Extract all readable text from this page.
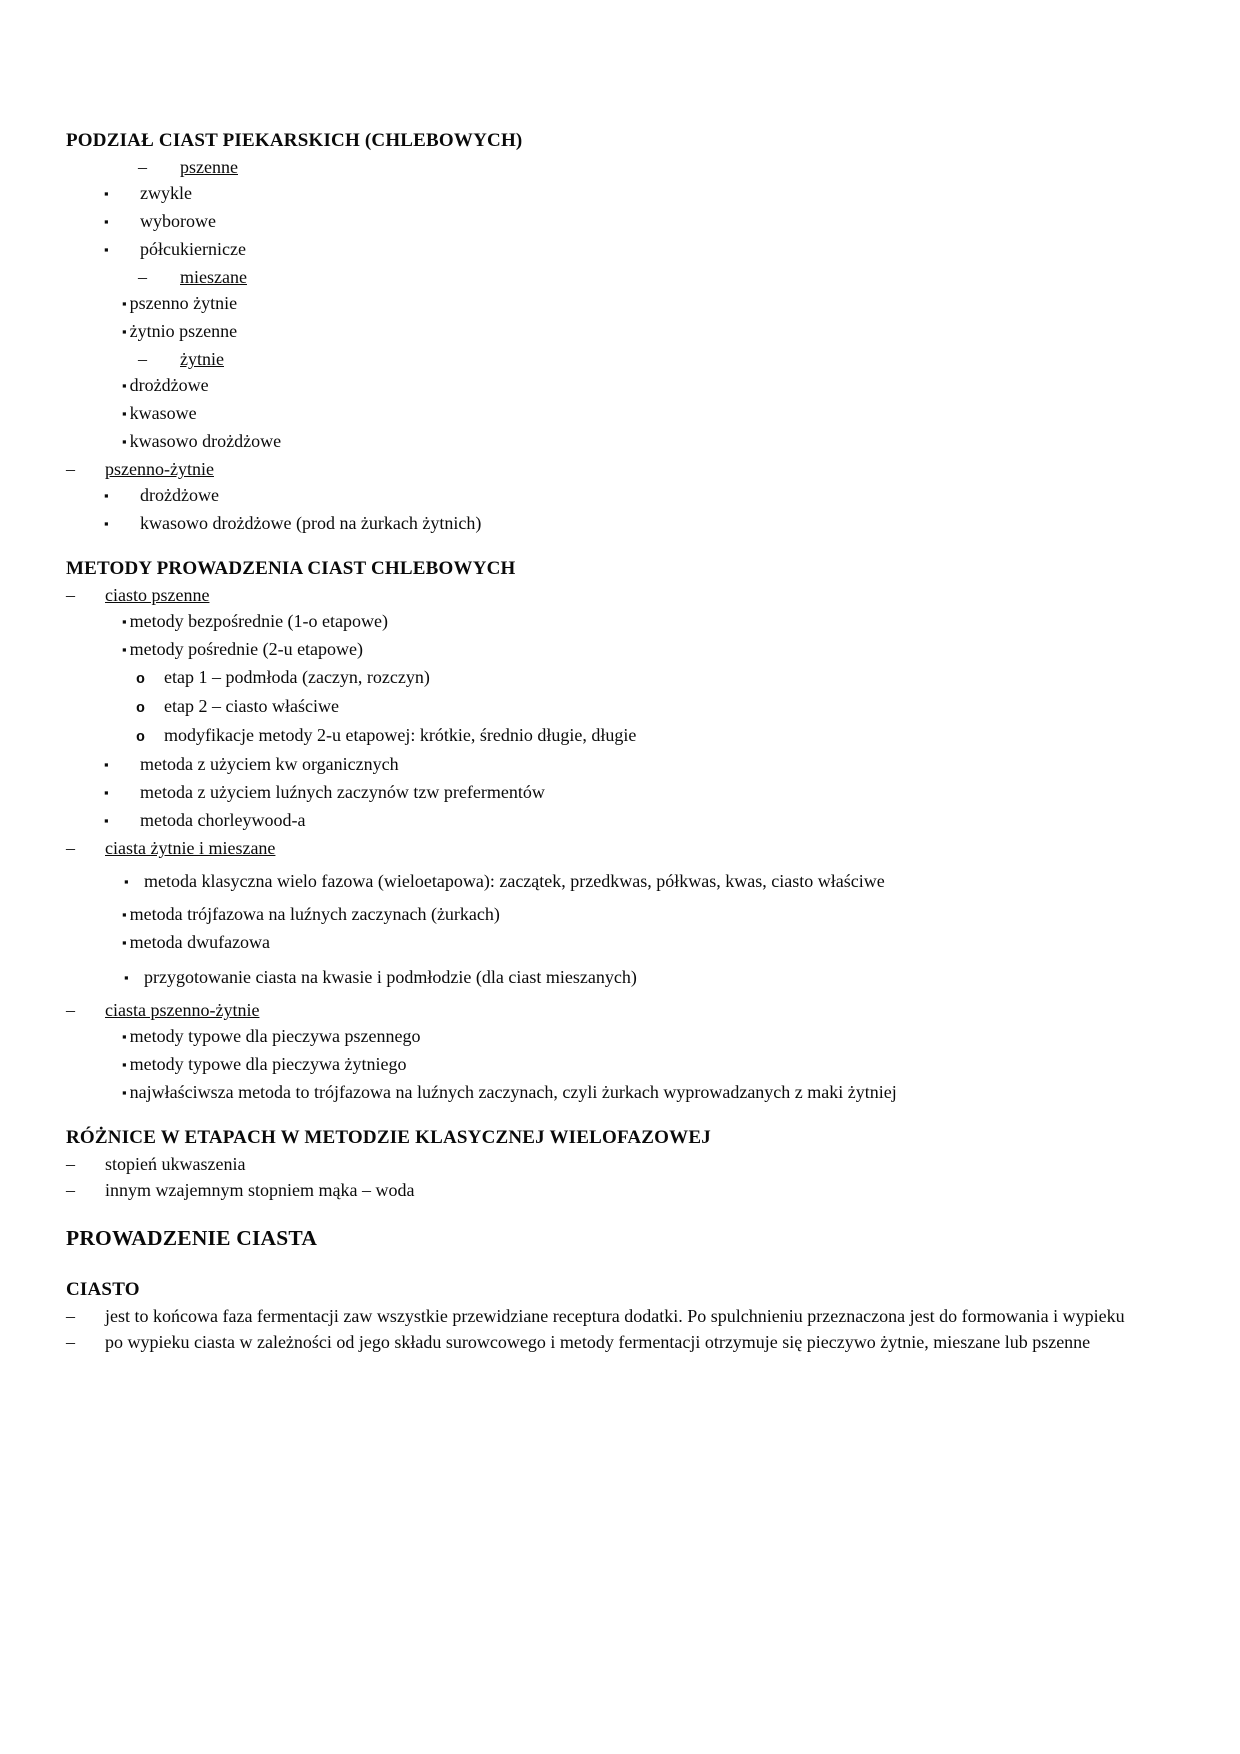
PODZIAŁ CIAST PIEKARSKICH (CHLEBOWYCH)
–	pszenne
▪	zwykle
▪	wyborowe
▪	półcukiernicze
–	mieszane
▪ pszenno żytnie
▪ żytnio pszenne
–	żytnie
▪ drożdżowe
▪ kwasowe
▪ kwasowo drożdżowe
–	pszenno-żytnie
▪	drożdżowe
▪	kwasowo drożdżowe (prod na żurkach żytnich)
METODY PROWADZENIA CIAST CHLEBOWYCH
–	ciasto pszenne
▪ metody bezpośrednie (1-o etapowe)
▪ metody pośrednie (2-u etapowe)
o	etap 1 – podmłoda (zaczyn, rozczyn)
o	etap 2 – ciasto właściwe
o	modyfikacje metody 2-u etapowej: krótkie, średnio długie, długie
▪	metoda z użyciem kw organicznych
▪	metoda z użyciem luźnych zaczynów tzw prefermentów
▪	metoda chorleywood-a
–	ciasta żytnie i mieszane
▪ metoda klasyczna wielo fazowa (wieloetapowa): zaczątek, przedkwas, półkwas, kwas, ciasto właściwe
▪ metoda trójfazowa na luźnych zaczynach (żurkach)
▪ metoda dwufazowa
▪ przygotowanie ciasta na kwasie i podmłodzie (dla ciast mieszanych)
–	ciasta pszenno-żytnie
▪ metody typowe dla pieczywa pszennego
▪ metody typowe dla pieczywa żytniego
▪ najwłaściwsza metoda to trójfazowa na luźnych zaczynach, czyli żurkach wyprowadzanych z maki żytniej
RÓŻNICE W ETAPACH W METODZIE KLASYCZNEJ WIELOFAZOWEJ
–	stopień ukwaszenia
–	innym wzajemnym stopniem mąka – woda
PROWADZENIE CIASTA
CIASTO
–	jest to końcowa faza fermentacji zaw wszystkie przewidziane receptura dodatki. Po spulchnieniu przeznaczona jest do formowania i wypieku
–	po wypieku ciasta w zależności od jego składu surowcowego i metody fermentacji otrzymuje się pieczywo żytnie, mieszane lub pszenne
